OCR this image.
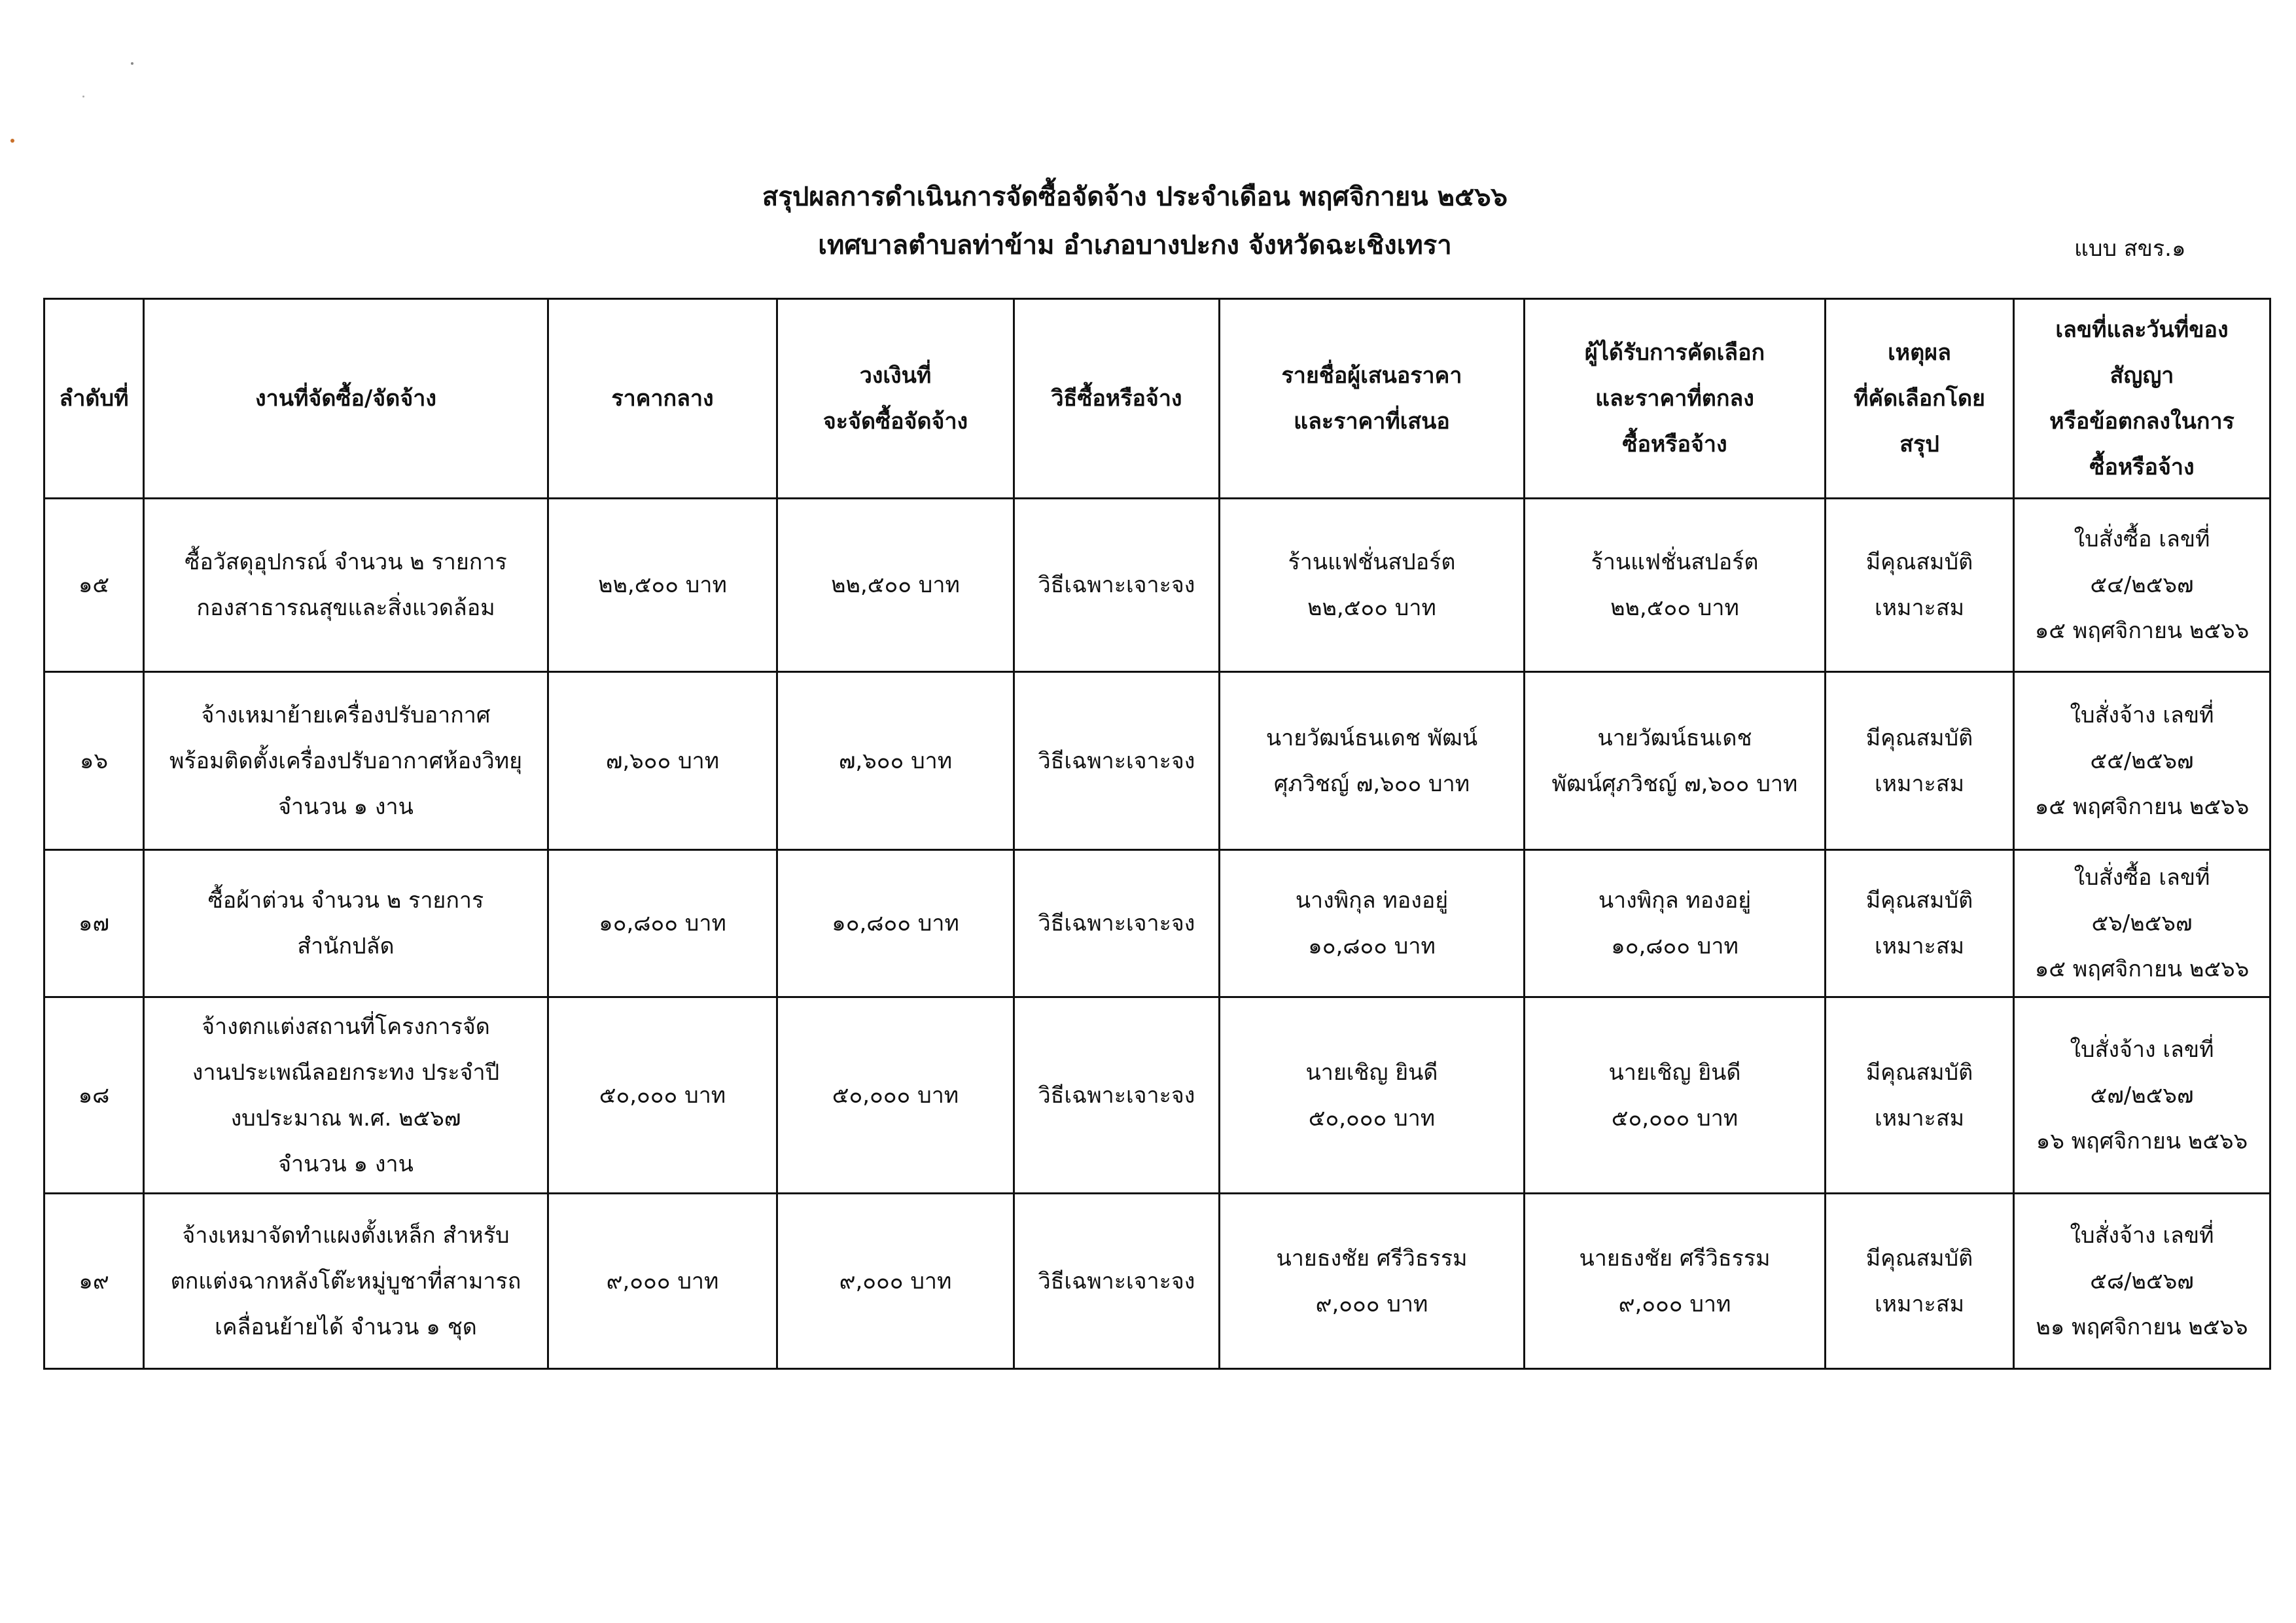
สรุปผลการดำเนินการจัดซื้อจัดจ้าง ประจำเดือน พฤศจิกายน ๒๕๖๖
เทศบาลตำบลท่าข้าม อำเภอบางปะกง จังหวัดฉะเชิงเทรา	แบบ สขร.๑
ลำดับที่	งานที่จัดซื้อ/จัดจ้าง	ราคากลาง	วงเงินที่
จะจัดซื้อจัดจ้าง	วิธีซื้อหรือจ้าง	รายชื่อผู้เสนอราคา
และราคาที่เสนอ	ผู้ได้รับการคัดเลือก
และราคาที่ตกลง
ซื้อหรือจ้าง	เหตุผล
ที่คัดเลือกโดย
สรุป	เลขที่และวันที่ของ
สัญญา
หรือข้อตกลงในการ
ซื้อหรือจ้าง

๑๕	ซื้อวัสดุอุปกรณ์ จำนวน ๒ รายการ
กองสาธารณสุขและสิ่งแวดล้อม	๒๒,๕๐๐ บาท	๒๒,๕๐๐ บาท	วิธีเฉพาะเจาะจง	ร้านแฟชั่นสปอร์ต
๒๒,๕๐๐ บาท	ร้านแฟชั่นสปอร์ต
๒๒,๕๐๐ บาท	มีคุณสมบัติ
เหมาะสม	ใบสั่งซื้อ เลขที่
๕๔/๒๕๖๗
๑๕ พฤศจิกายน ๒๕๖๖

๑๖	จ้างเหมาย้ายเครื่องปรับอากาศ
พร้อมติดตั้งเครื่องปรับอากาศห้องวิทยุ
จำนวน ๑ งาน	๗,๖๐๐ บาท	๗,๖๐๐ บาท	วิธีเฉพาะเจาะจง	นายวัฒน์ธนเดช พัฒน์
ศุภวิชญ์ ๗,๖๐๐ บาท	นายวัฒน์ธนเดช
พัฒน์ศุภวิชญ์ ๗,๖๐๐ บาท	มีคุณสมบัติ
เหมาะสม	ใบสั่งจ้าง เลขที่
๕๕/๒๕๖๗
๑๕ พฤศจิกายน ๒๕๖๖

๑๗	ซื้อผ้าต่วน จำนวน ๒ รายการ
สำนักปลัด	๑๐,๘๐๐ บาท	๑๐,๘๐๐ บาท	วิธีเฉพาะเจาะจง	นางพิกุล ทองอยู่
๑๐,๘๐๐ บาท	นางพิกุล ทองอยู่
๑๐,๘๐๐ บาท	มีคุณสมบัติ
เหมาะสม	ใบสั่งซื้อ เลขที่
๕๖/๒๕๖๗
๑๕ พฤศจิกายน ๒๕๖๖

๑๘	จ้างตกแต่งสถานที่โครงการจัด
งานประเพณีลอยกระทง ประจำปี
งบประมาณ พ.ศ. ๒๕๖๗
จำนวน ๑ งาน	๕๐,๐๐๐ บาท	๕๐,๐๐๐ บาท	วิธีเฉพาะเจาะจง	นายเชิญ ยินดี
๕๐,๐๐๐ บาท	นายเชิญ ยินดี
๕๐,๐๐๐ บาท	มีคุณสมบัติ
เหมาะสม	ใบสั่งจ้าง เลขที่
๕๗/๒๕๖๗
๑๖ พฤศจิกายน ๒๕๖๖

๑๙	จ้างเหมาจัดทำแผงตั้งเหล็ก สำหรับ
ตกแต่งฉากหลังโต๊ะหมู่บูชาที่สามารถ
เคลื่อนย้ายได้ จำนวน ๑ ชุด	๙,๐๐๐ บาท	๙,๐๐๐ บาท	วิธีเฉพาะเจาะจง	นายธงชัย ศรีวิธรรม
๙,๐๐๐ บาท	นายธงชัย ศรีวิธรรม
๙,๐๐๐ บาท	มีคุณสมบัติ
เหมาะสม	ใบสั่งจ้าง เลขที่
๕๘/๒๕๖๗
๒๑ พฤศจิกายน ๒๕๖๖
